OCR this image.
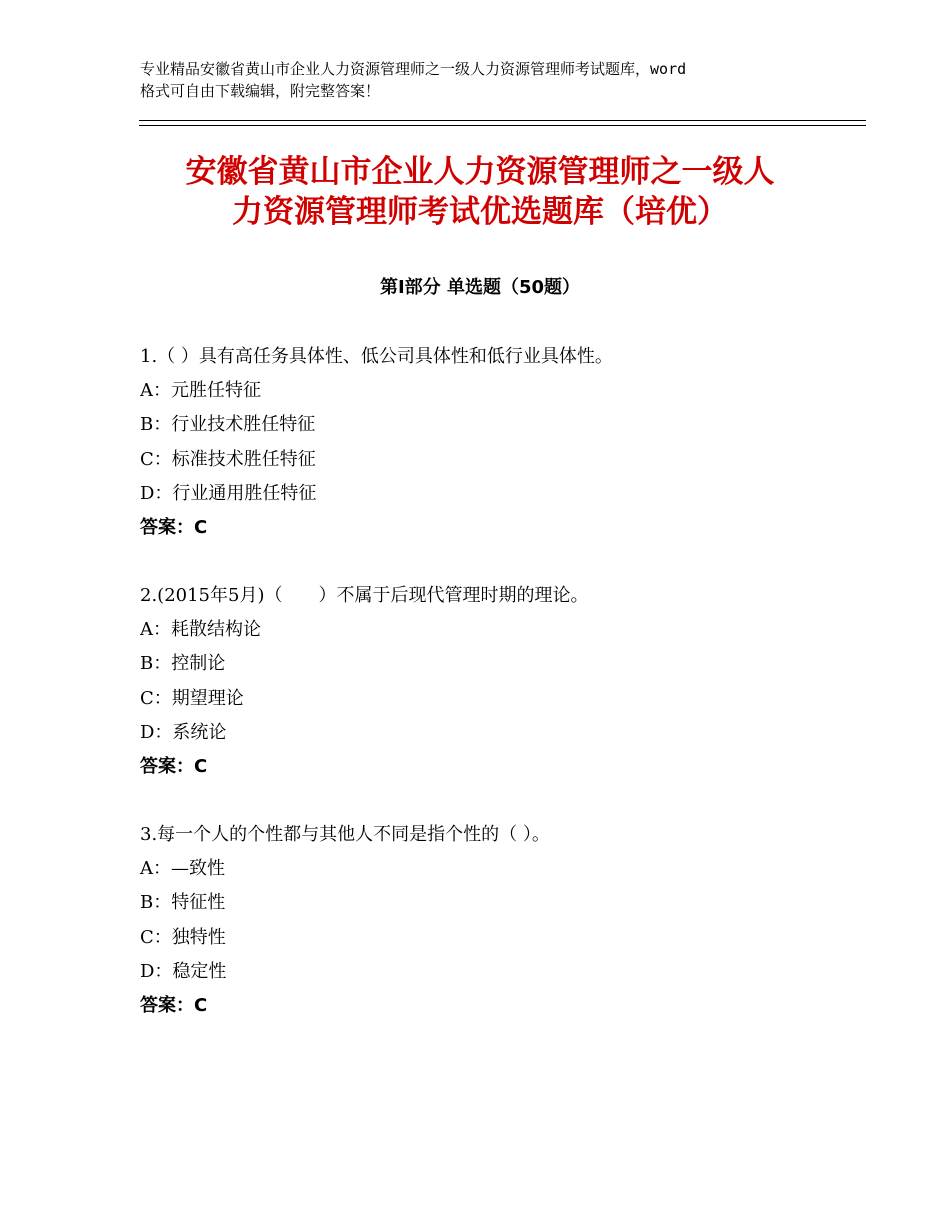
专业精品安徽省黄山市企业人力资源管理师之一级人力资源管理师考试题库，word
格式可自由下载编辑，附完整答案！
安徽省黄山市企业人力资源管理师之一级人
力资源管理师考试优选题库（培优）
第Ⅰ部分 单选题（50题）
1.（ ）具有高任务具体性、低公司具体性和低行业具体性。
A：元胜任特征
B：行业技术胜任特征
C：标准技术胜任特征
D：行业通用胜任特征
答案：C
2.(2015年5月)（　　）不属于后现代管理时期的理论。
A：耗散结构论
B：控制论
C：期望理论
D：系统论
答案：C
3.每一个人的个性都与其他人不同是指个性的（ ）。
A：—致性
B：特征性
C：独特性
D：稳定性
答案：C
